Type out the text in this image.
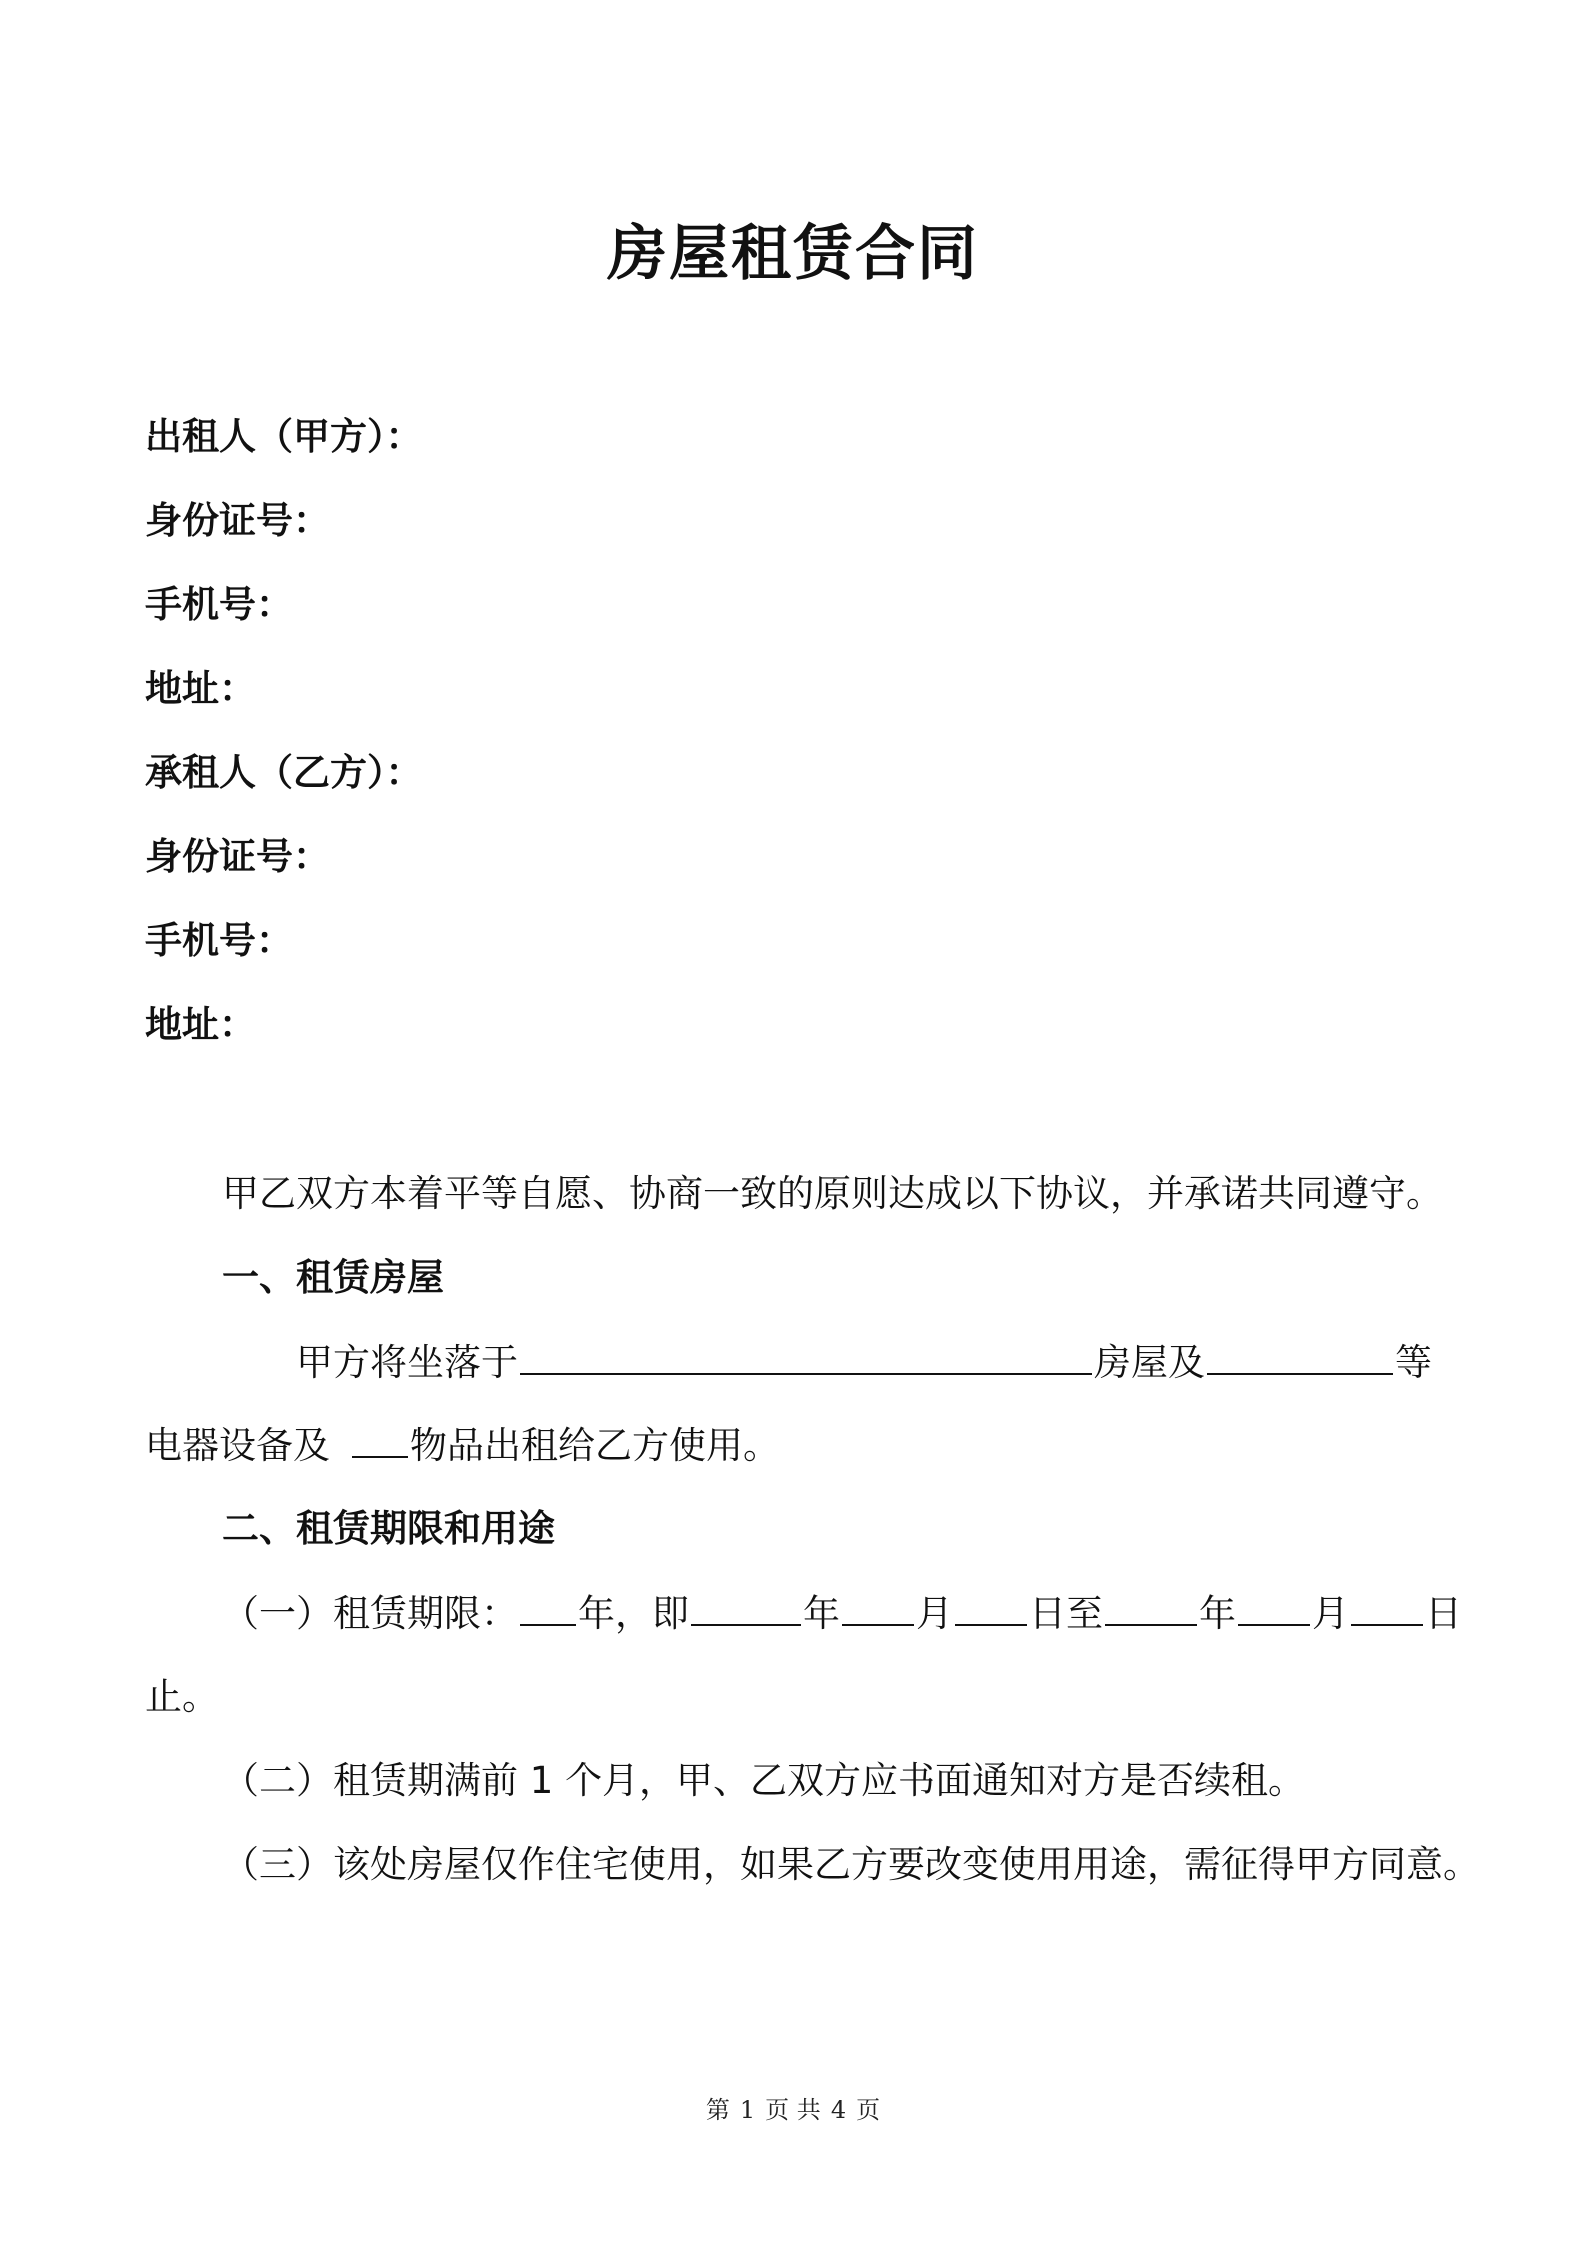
房屋租赁合同
出租人（甲方）：
身份证号：
手机号：
地址：
承租人（乙方）：
身份证号：
手机号：
地址：
甲乙双方本着平等自愿、协商一致的原则达成以下协议，并承诺共同遵守。
一、租赁房屋
甲方将坐落于	房屋及	等
电器设备及 物品出租给乙方使用。
二、租赁期限和用途
（一）租赁期限： 年，即	年 月 日至	年 月 日
止。
（二）租赁期满前 1 个月，甲、乙双方应书面通知对方是否续租。
（三）该处房屋仅作住宅使用，如果乙方要改变使用用途，需征得甲方同意。
第 1 页 共 4 页
